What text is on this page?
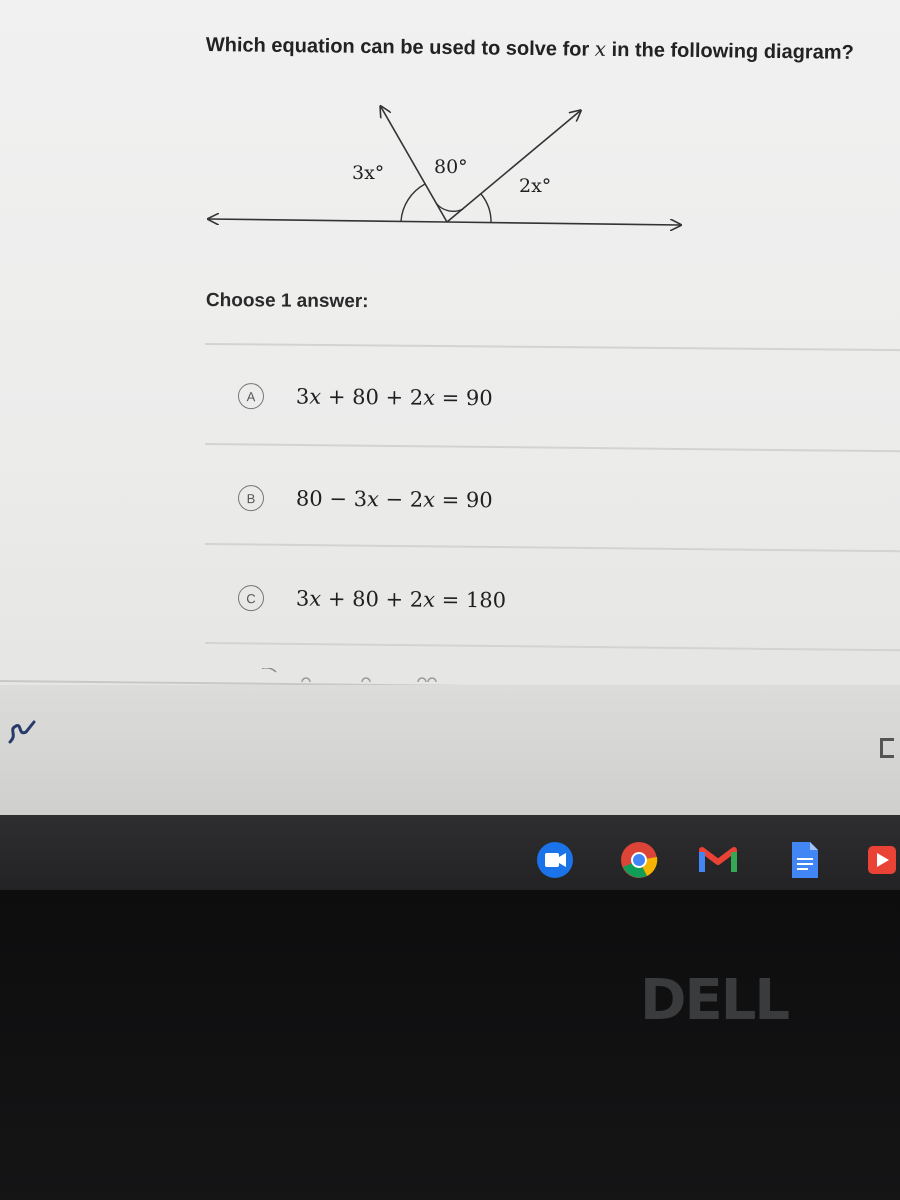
Which equation can be used to solve for x in the following diagram?
3x°	80°
2x°
Choose 1 answer:
A	3x + 80 + 2x = 90
B	80 − 3x − 2x = 90
C	3x + 80 + 2x = 180
DELL
